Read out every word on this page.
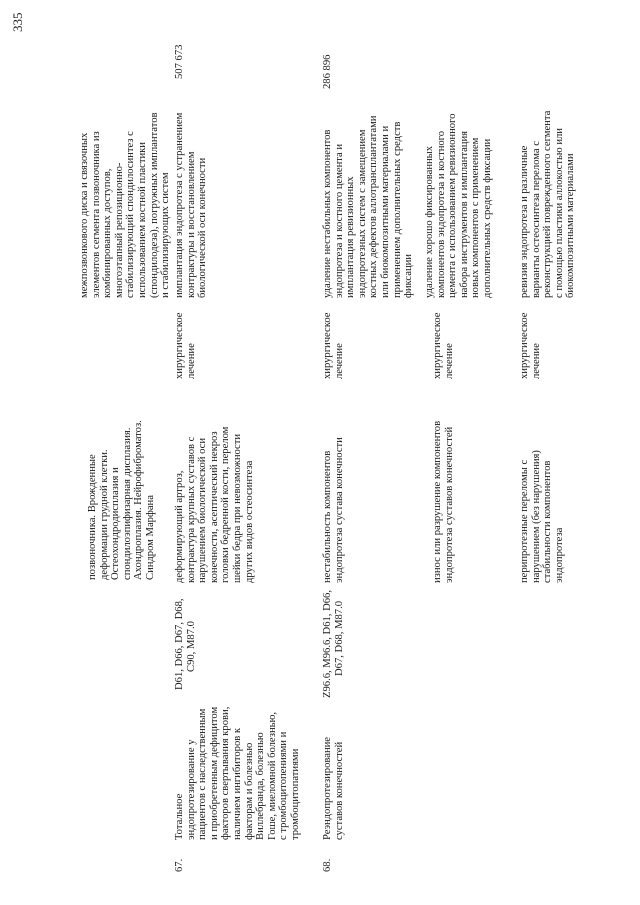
335
позвоночника. Врожденные деформации грудной клетки. Остеохондродисплазия и спондилоэпифизарная дисплазия. Ахондроплазия. Нейрофиброматоз. Синдром Марфана
межпозвонкового диска и связочных элементов сегмента позвоночника из комбинированных доступов, многоэтапный репозиционно- стабилизирующий спондилосинтез с использованием костной пластики (спондилодеза), погружных имплантатов и стабилизирующих систем
67.
Тотальное эндопротезирование у пациентов с наследственным и приобретенным дефицитом факторов свертывания крови, наличием ингибиторов к факторам и болезнью Виллебранда, болезнью Гоше, миеломной болезнью, с тромбоцитопениями и тромбоцитопатиями
D61, D66, D67, D68, C90, M87.0
деформирующий артроз, контрактура крупных суставов с нарушением биологической оси конечности, асептический некроз головки бедренной кости, перелом шейки бедра при невозможности других видов остеосинтеза
хирургическое лечение
имплантация эндопротеза с устранением контрактуры и восстановлением биологической оси конечности
507 673
68.
Реэндопротезирование суставов конечностей
Z96.6, M96.6, D61, D66, D67, D68, M87.0
286 896
нестабильность компонентов эндопротеза сустава конечности
хирургическое лечение
удаление нестабильных компонентов эндопротеза и костного цемента и имплантация ревизионных эндопротезных систем с замещением костных дефектов аллотрансплантатами или биокомпозитными материалами и применением дополнительных средств фиксации
износ или разрушение компонентов эндопротеза суставов конечностей
хирургическое лечение
удаление хорошо фиксированных компонентов эндопротеза и костного цемента с использованием ревизионного набора инструментов и имплантация новых компонентов с применением дополнительных средств фиксации
перипротезные переломы с нарушением (без нарушения) стабильности компонентов эндопротеза
хирургическое лечение
ревизия эндопротеза и различные варианты остеосинтеза перелома с реконструкцией поврежденного сегмента с помощью пластики аллокостью или биокомпозитными материалами
